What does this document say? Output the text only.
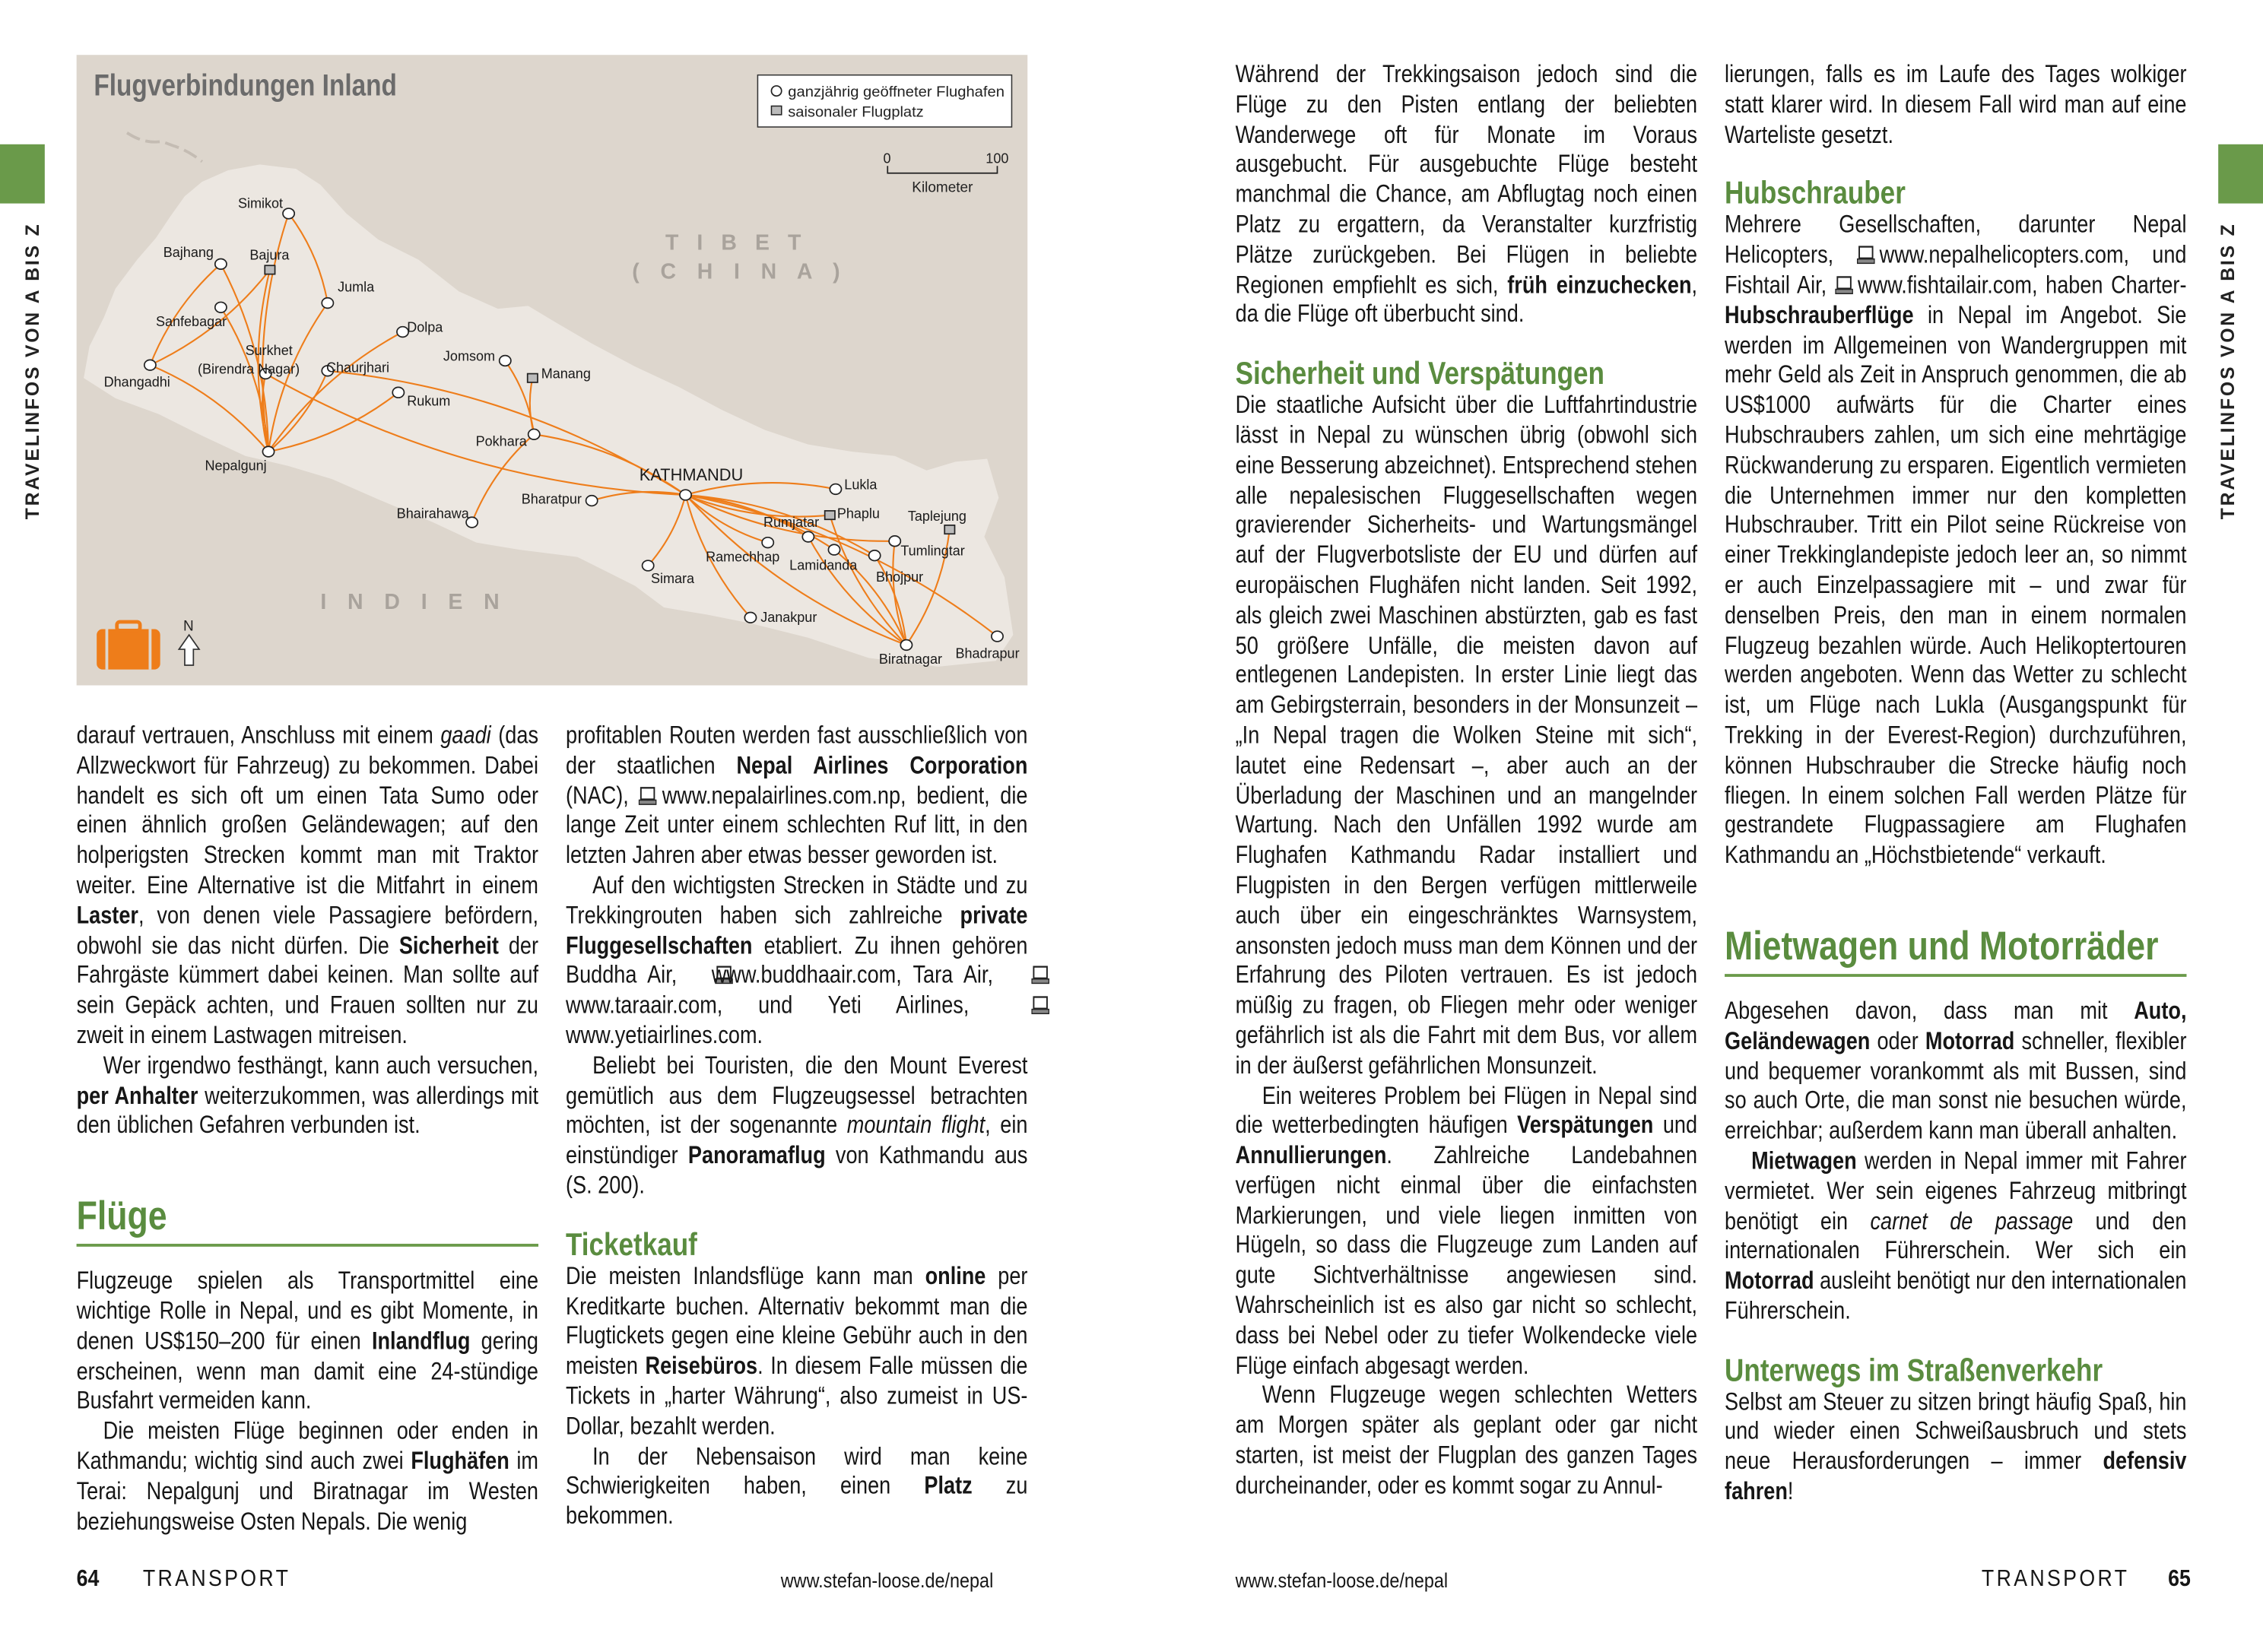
Flugverbindungen Inland	ganzjährig geöffneter Flughafen
saisonaler Flugplatz
0	100
Kilometer
T I B E T
( C H I N A )
I N D I E N
Simikot
Bajhang	Bajura
Sanfebagar
Jumla
Dhangadhi
Surkhet
(Birendra Nagar)	Chaurjhari
Dolpa
Rukum
Jomsom
Manang
Nepalgunj
Pokhara
Bharatpur
Bhairahawa
KATHMANDU
Lukla
Phaplu
Rumjatar
Ramechhap
Lamidanda
Taplejung
Tumlingtar
Bhojpur
Simara
Janakpur
Biratnagar Bhadrapur
N

darauf vertrauen, Anschluss mit einem gaadi (das Allzweckwort für Fahrzeug) zu bekommen. Dabei handelt es sich oft um einen Tata Sumo oder einen ähnlich großen Geländewagen; auf den holperigsten Strecken kommt man mit Traktor weiter. Eine Alternative ist die Mitfahrt in einem Laster, von denen viele Passagiere befördern, obwohl sie das nicht dürfen. Die Sicherheit der Fahrgäste kümmert dabei keinen. Man sollte auf sein Gepäck achten, und Frauen sollten nur zu zweit in einem Lastwagen mitreisen.

Wer irgendwo festhängt, kann auch versuchen, per Anhalter weiterzukommen, was allerdings mit den üblichen Gefahren verbunden ist.

Flüge

Flugzeuge spielen als Transportmittel eine wichtige Rolle in Nepal, und es gibt Momente, in denen US$150–200 für einen Inlandflug gering erscheinen, wenn man damit eine 24-stündige Busfahrt vermeiden kann.

Die meisten Flüge beginnen oder enden in Kathmandu; wichtig sind auch zwei Flughäfen im Terai: Nepalgunj und Biratnagar im Westen beziehungsweise Osten Nepals. Die wenig

profitablen Routen werden fast ausschließlich von der staatlichen Nepal Airlines Corporation (NAC), www.nepalairlines.com.np, bedient, die lange Zeit unter einem schlechten Ruf litt, in den letzten Jahren aber etwas besser geworden ist.

Auf den wichtigsten Strecken in Städte und zu Trekkingrouten haben sich zahlreiche private Fluggesellschaften etabliert. Zu ihnen gehören Buddha Air, www.buddhaair.com, Tara Air, www.taraair.com, und Yeti Airlines, www.yetiairlines.com.

Beliebt bei Touristen, die den Mount Everest gemütlich aus dem Flugzeugsessel betrachten möchten, ist der sogenannte mountain flight, ein einstündiger Panoramaflug von Kathmandu aus (S. 200).

Ticketkauf

Die meisten Inlandsflüge kann man online per Kreditkarte buchen. Alternativ bekommt man die Flugtickets gegen eine kleine Gebühr auch in den meisten Reisebüros. In diesem Falle müssen die Tickets in „harter Währung“, also zumeist in US-Dollar, bezahlt werden.

In der Nebensaison wird man keine Schwierigkeiten haben, einen Platz zu bekommen.

Während der Trekkingsaison jedoch sind die Flüge zu den Pisten entlang der beliebten Wanderwege oft für Monate im Voraus ausgebucht. Für ausgebuchte Flüge besteht manchmal die Chance, am Abflugtag noch einen Platz zu ergattern, da Veranstalter kurzfristig Plätze zurückgeben. Bei Flügen in beliebte Regionen empfiehlt es sich, früh einzuchecken, da die Flüge oft überbucht sind.

Sicherheit und Verspätungen

Die staatliche Aufsicht über die Luftfahrtindustrie lässt in Nepal zu wünschen übrig (obwohl sich eine Besserung abzeichnet). Entsprechend stehen alle nepalesischen Fluggesellschaften wegen gravierender Sicherheits- und Wartungsmängel auf der Flugverbotsliste der EU und dürfen auf europäischen Flughäfen nicht landen. Seit 1992, als gleich zwei Maschinen abstürzten, gab es fast 50 größere Unfälle, die meisten davon auf entlegenen Landepisten. In erster Linie liegt das am Gebirgsterrain, besonders in der Monsunzeit – „In Nepal tragen die Wolken Steine mit sich“, lautet eine Redensart –, aber auch an der Überladung der Maschinen und an mangelnder Wartung. Nach den Unfällen 1992 wurde am Flughafen Kathmandu Radar installiert und Flugpisten in den Bergen verfügen mittlerweile auch über ein eingeschränktes Warnsystem, ansonsten jedoch muss man dem Können und der Erfahrung des Piloten vertrauen. Es ist jedoch müßig zu fragen, ob Fliegen mehr oder weniger gefährlich ist als die Fahrt mit dem Bus, vor allem in der äußerst gefährlichen Monsunzeit.

Ein weiteres Problem bei Flügen in Nepal sind die wetterbedingten häufigen Verspätungen und Annullierungen. Zahlreiche Landebahnen verfügen nicht einmal über die einfachsten Markierungen, und viele liegen inmitten von Hügeln, so dass die Flugzeuge zum Landen auf gute Sichtverhältnisse angewiesen sind. Wahrscheinlich ist es also gar nicht so schlecht, dass bei Nebel oder zu tiefer Wolkendecke viele Flüge einfach abgesagt werden.

Wenn Flugzeuge wegen schlechten Wetters am Morgen später als geplant oder gar nicht starten, ist meist der Flugplan des ganzen Tages durcheinander, oder es kommt sogar zu Annul-

lierungen, falls es im Laufe des Tages wolkiger statt klarer wird. In diesem Fall wird man auf eine Warteliste gesetzt.

Hubschrauber

Mehrere Gesellschaften, darunter Nepal Helicopters, www.nepalhelicopters.com, und Fishtail Air, www.fishtailair.com, haben Charter-Hubschrauberflüge in Nepal im Angebot. Sie werden im Allgemeinen von Wandergruppen mit mehr Geld als Zeit in Anspruch genommen, die ab US$1000 aufwärts für die Charter eines Hubschraubers zahlen, um sich eine mehrtägige Rückwanderung zu ersparen. Eigentlich vermieten die Unternehmen immer nur den kompletten Hubschrauber. Tritt ein Pilot seine Rückreise von einer Trekkinglandepiste jedoch leer an, so nimmt er auch Einzelpassagiere mit – und zwar für denselben Preis, den man in einem normalen Flugzeug bezahlen würde. Auch Helikoptertouren werden angeboten. Wenn das Wetter zu schlecht ist, um Flüge nach Lukla (Ausgangspunkt für Trekking in der Everest-Region) durchzuführen, können Hubschrauber die Strecke häufig noch fliegen. In einem solchen Fall werden Plätze für gestrandete Flugpassagiere am Flughafen Kathmandu an „Höchstbietende“ verkauft.

Mietwagen und Motorräder

Abgesehen davon, dass man mit Auto, Geländewagen oder Motorrad schneller, flexibler und bequemer vorankommt als mit Bussen, sind so auch Orte, die man sonst nie besuchen würde, erreichbar; außerdem kann man überall anhalten.

Mietwagen werden in Nepal immer mit Fahrer vermietet. Wer sein eigenes Fahrzeug mitbringt benötigt ein carnet de passage und den internationalen Führerschein. Wer sich ein Motorrad ausleiht benötigt nur den internationalen Führerschein.

Unterwegs im Straßenverkehr

Selbst am Steuer zu sitzen bringt häufig Spaß, hin und wieder einen Schweißausbruch und stets neue Herausforderungen – immer defensiv fahren!

64	TRANSPORT	www.stefan-loose.de/nepal	www.stefan-loose.de/nepal	TRANSPORT	65
TRAVELINFOS VON A BIS Z	TRAVELINFOS VON A BIS Z
